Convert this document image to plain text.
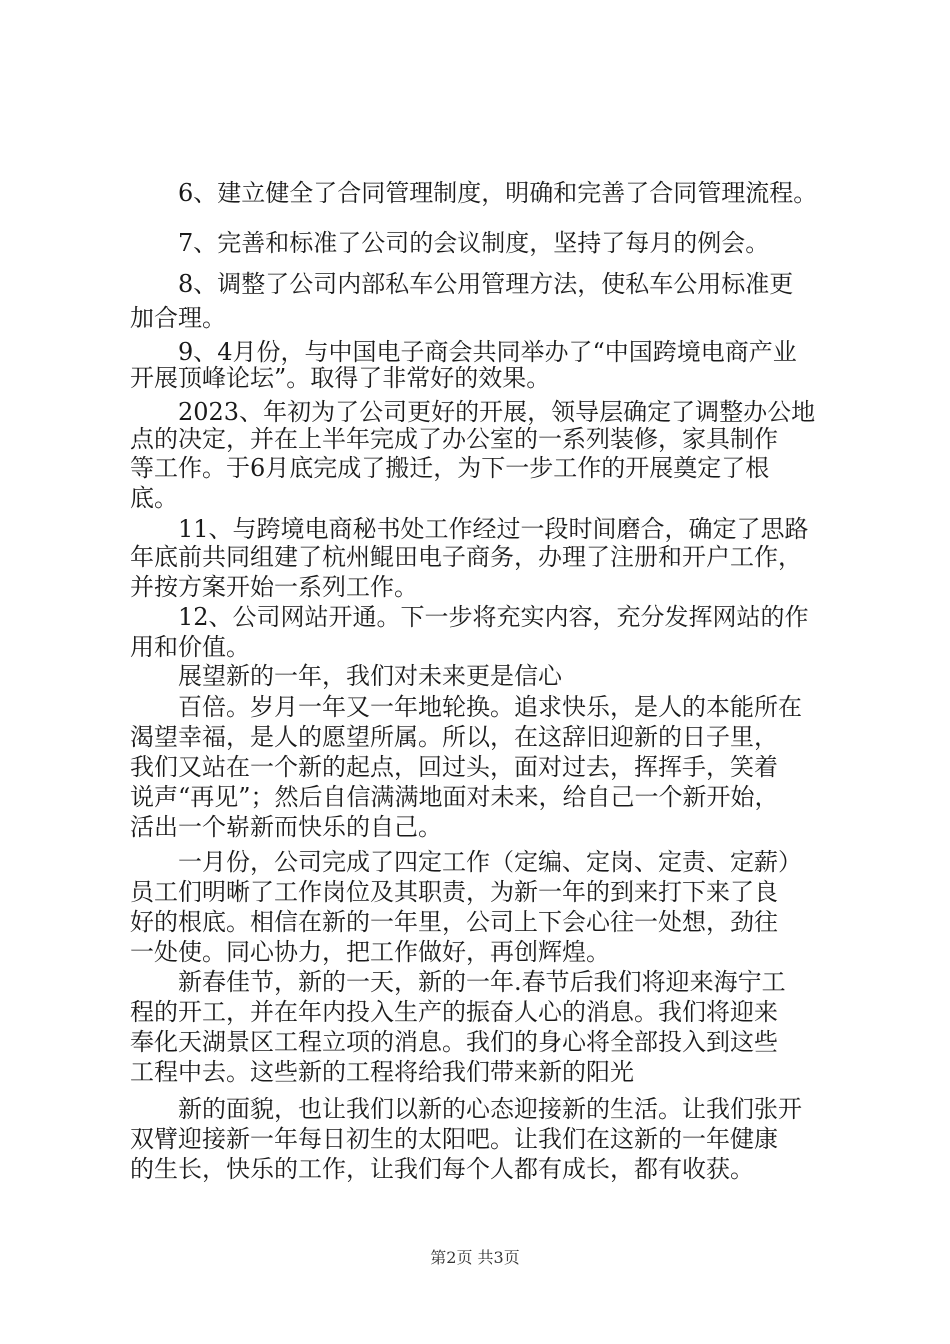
6、建立健全了合同管理制度，明确和完善了合同管理流程。
7、完善和标准了公司的会议制度，坚持了每月的例会。
8、调整了公司内部私车公用管理方法，使私车公用标准更
加合理。
9、4月份，与中国电子商会共同举办了“中国跨境电商产业
开展顶峰论坛”。取得了非常好的效果。
2023、年初为了公司更好的开展，领导层确定了调整办公地
点的决定，并在上半年完成了办公室的一系列装修，家具制作
等工作。于6月底完成了搬迁，为下一步工作的开展奠定了根
底。
11、与跨境电商秘书处工作经过一段时间磨合，确定了思路
年底前共同组建了杭州鲲田电子商务，办理了注册和开户工作，
并按方案开始一系列工作。
12、公司网站开通。下一步将充实内容，充分发挥网站的作
用和价值。
展望新的一年，我们对未来更是信心
百倍。岁月一年又一年地轮换。追求快乐，是人的本能所在
渴望幸福，是人的愿望所属。所以，在这辞旧迎新的日子里，
我们又站在一个新的起点，回过头，面对过去，挥挥手，笑着
说声“再见”；然后自信满满地面对未来，给自己一个新开始，
活出一个崭新而快乐的自己。
一月份，公司完成了四定工作（定编、定岗、定责、定薪）
员工们明晰了工作岗位及其职责，为新一年的到来打下来了良
好的根底。相信在新的一年里，公司上下会心往一处想，劲往
一处使。同心协力，把工作做好，再创辉煌。
新春佳节，新的一天，新的一年.春节后我们将迎来海宁工
程的开工，并在年内投入生产的振奋人心的消息。我们将迎来
奉化天湖景区工程立项的消息。我们的身心将全部投入到这些
工程中去。这些新的工程将给我们带来新的阳光
新的面貌，也让我们以新的心态迎接新的生活。让我们张开
双臂迎接新一年每日初生的太阳吧。让我们在这新的一年健康
的生长，快乐的工作，让我们每个人都有成长，都有收获。
第2页 共3页
